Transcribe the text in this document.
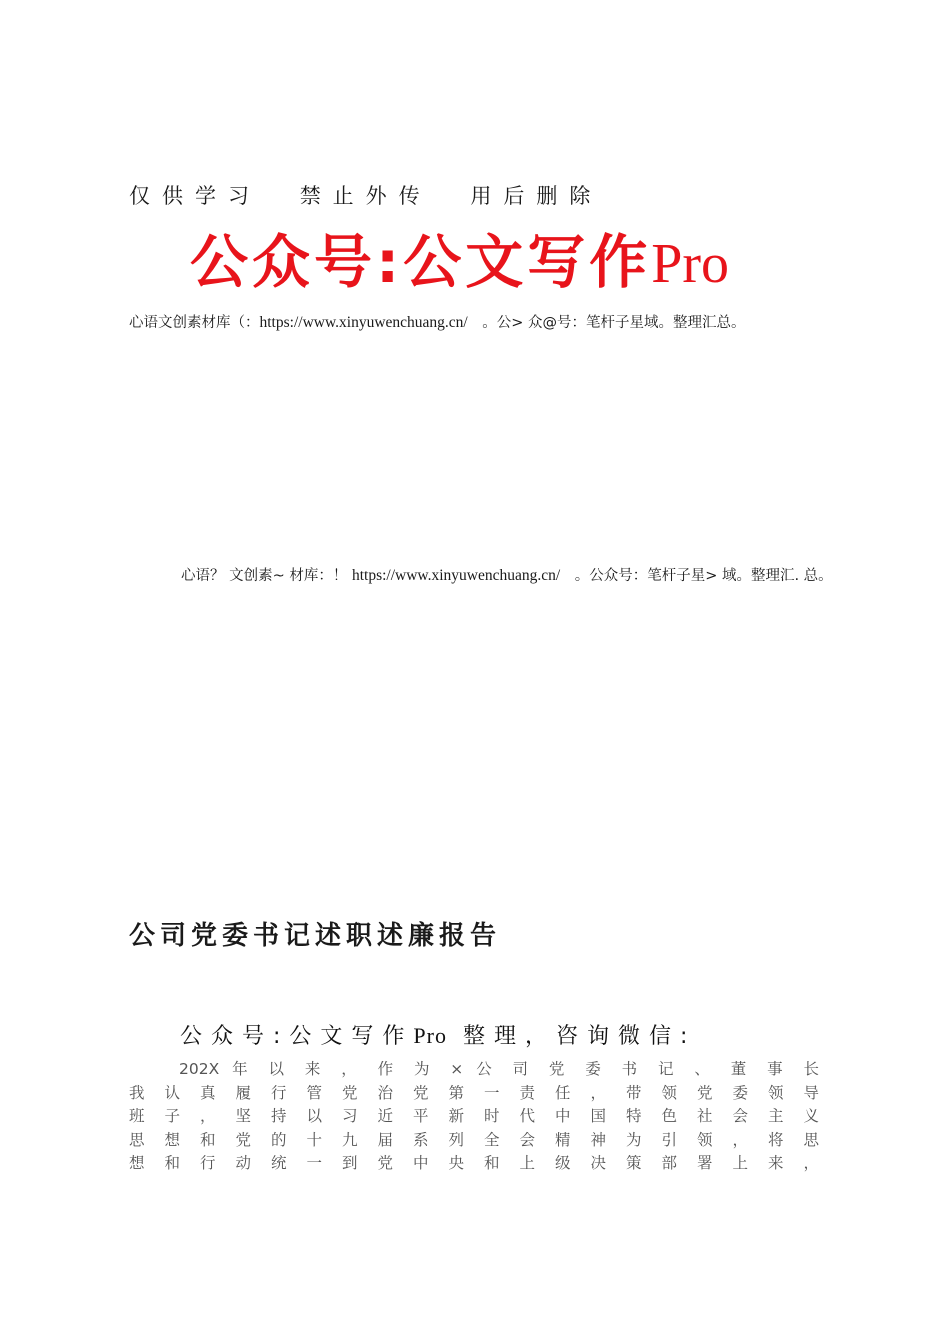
仅供学习 禁止外传 用后删除
公众号:公文写作Pro
心语文创素材库（：https://www.xinyuwenchuang.cn/　。公> 众@号：笔杆子星域。整理汇总。
心语？ 文创素~ 材库：！ https://www.xinyuwenchuang.cn/　。公众号：笔杆子星> 域。整理汇. 总。
公司党委书记述职述廉报告
公众号:公文写作Pro 整理，咨询微信:
202X 年 以 来 ， 作 为 × 公 司 党 委 书 记 、 董 事 长
我 认 真 履 行 管 党 治 党 第 一 责 任 ， 带 领 党 委 领 导
班 子 ， 坚 持 以 习 近 平 新 时 代 中 国 特 色 社 会 主 义
思 想 和 党 的 十 九 届 系 列 全 会 精 神 为 引 领 ， 将 思
想 和 行 动 统 一 到 党 中 央 和 上 级 决 策 部 署 上 来 ，
